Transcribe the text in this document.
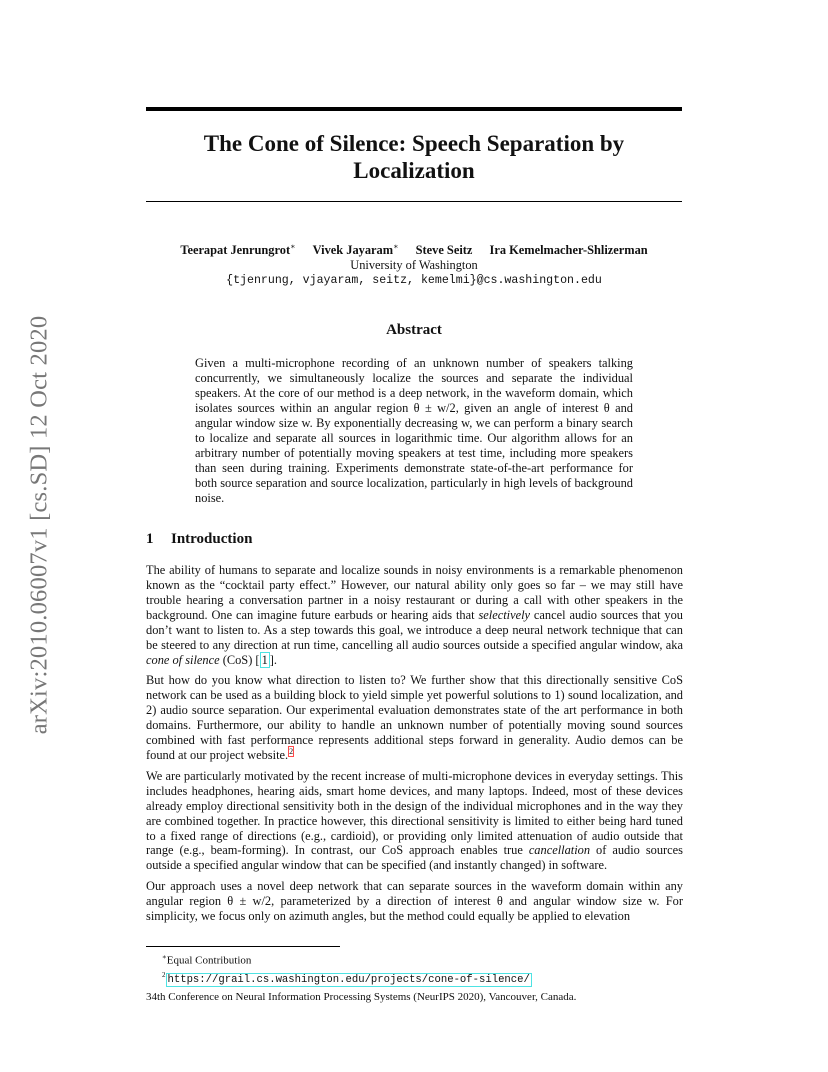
arXiv:2010.06007v1 [cs.SD] 12 Oct 2020
The Cone of Silence: Speech Separation by
Localization
Teerapat Jenrungrot∗ Vivek Jayaram∗ Steve Seitz Ira Kemelmacher-Shlizerman
University of Washington
{tjenrung, vjayaram, seitz, kemelmi}@cs.washington.edu
Abstract

Given a multi-microphone recording of an unknown number of speakers talking concurrently, we simultaneously localize the sources and separate the individual speakers. At the core of our method is a deep network, in the waveform domain, which isolates sources within an angular region θ ± w/2, given an angle of interest θ and angular window size w. By exponentially decreasing w, we can perform a binary search to localize and separate all sources in logarithmic time. Our algorithm allows for an arbitrary number of potentially moving speakers at test time, including more speakers than seen during training. Experiments demonstrate state-of-the-art performance for both source separation and source localization, particularly in high levels of background noise.

1 Introduction

The ability of humans to separate and localize sounds in noisy environments is a remarkable phenomenon known as the “cocktail party effect.” However, our natural ability only goes so far – we may still have trouble hearing a conversation partner in a noisy restaurant or during a call with other speakers in the background. One can imagine future earbuds or hearing aids that selectively cancel audio sources that you don’t want to listen to. As a step towards this goal, we introduce a deep neural network technique that can be steered to any direction at run time, cancelling all audio sources outside a specified angular window, aka cone of silence (CoS) [ 1 ].

But how do you know what direction to listen to? We further show that this directionally sensitive CoS network can be used as a building block to yield simple yet powerful solutions to 1) sound localization, and 2) audio source separation. Our experimental evaluation demonstrates state of the art performance in both domains. Furthermore, our ability to handle an unknown number of potentially moving sound sources combined with fast performance represents additional steps forward in generality. Audio demos can be found at our project website.$^2$

We are particularly motivated by the recent increase of multi-microphone devices in everyday settings. This includes headphones, hearing aids, smart home devices, and many laptops. Indeed, most of these devices already employ directional sensitivity both in the design of the individual microphones and in the way they are combined together. In practice however, this directional sensitivity is limited to either being hard tuned to a fixed range of directions (e.g., cardioid), or providing only limited attenuation of audio outside that range (e.g., beam-forming). In contrast, our CoS approach enables true cancellation of audio sources outside a specified angular window that can be specified (and instantly changed) in software.

Our approach uses a novel deep network that can separate sources in the waveform domain within any angular region θ ± w/2, parameterized by a direction of interest θ and angular window size w. For simplicity, we focus only on azimuth angles, but the method could equally be applied to elevation

∗Equal Contribution
$^2$ https://grail.cs.washington.edu/projects/cone-of-silence/
34th Conference on Neural Information Processing Systems (NeurIPS 2020), Vancouver, Canada.
